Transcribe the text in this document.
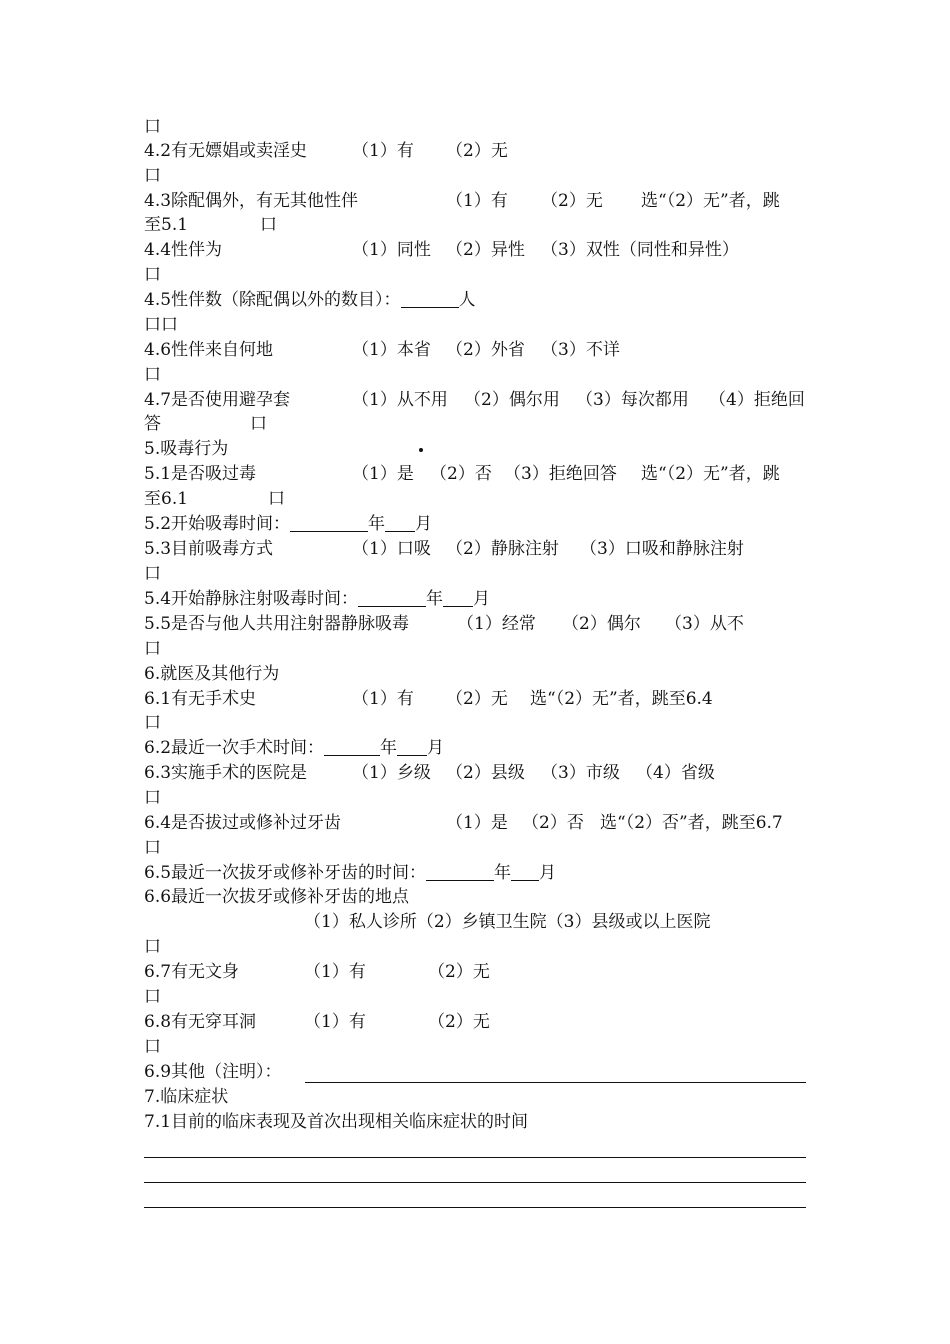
口
4.2有无嫖娼或卖淫史	（1）有 （2）无
口
4.3除配偶外，有无其他性伴	（1）有 （2）无 选“（2）无”者，跳
至5.1	口
4.4性伴为	（1）同性 （2）异性 （3）双性（同性和异性）
口
4.5性伴数（除配偶以外的数目）：	人
口口
4.6性伴来自何地	（1）本省 （2）外省 （3）不详
口
4.7是否使用避孕套	（1）从不用 （2）偶尔用 （3）每次都用 （4）拒绝回
答	口
5.吸毒行为
5.1是否吸过毒	（1）是 （2）否 （3）拒绝回答 选“（2）无”者，跳
至6.1	口
5.2开始吸毒时间：	年 月
5.3目前吸毒方式	（1）口吸 （2）静脉注射 （3）口吸和静脉注射
口
5.4开始静脉注射吸毒时间：	年 月
5.5是否与他人共用注射器静脉吸毒	（1）经常 （2）偶尔 （3）从不
口
6.就医及其他行为
6.1有无手术史	（1）有 （2）无 选“（2）无”者，跳至6.4
口
6.2最近一次手术时间：	年 月
6.3实施手术的医院是	（1）乡级 （2）县级 （3）市级 （4）省级
口
6.4是否拔过或修补过牙齿	（1）是 （2）否 选“（2）否”者，跳至6.7
口
6.5最近一次拔牙或修补牙齿的时间：	年 月
6.6最近一次拔牙或修补牙齿的地点
（1）私人诊所（2）乡镇卫生院（3）县级或以上医院
口
6.7有无文身	（1）有	（2）无
口
6.8有无穿耳洞	（1）有	（2）无
口
6.9其他（注明）：
7.临床症状
7.1目前的临床表现及首次出现相关临床症状的时间
